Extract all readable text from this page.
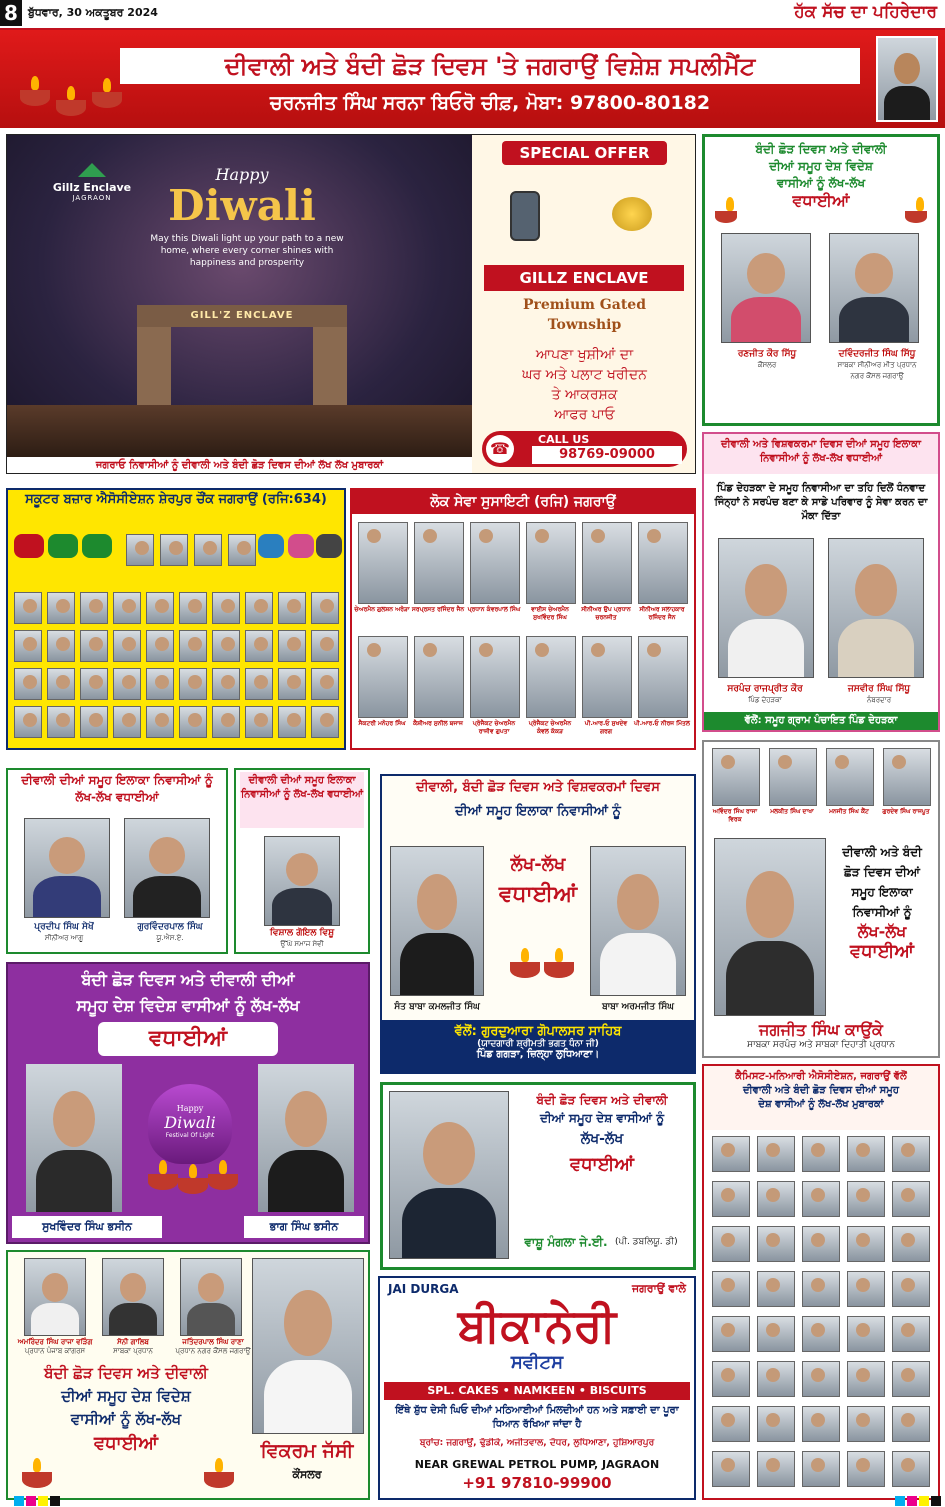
8 ਬੁੱਧਵਾਰ, 30 ਅਕਤੂਬਰ 2024	ਹੱਕ ਸੱਚ ਦਾ ਪਹਿਰੇਦਾਰ
ਦੀਵਾਲੀ ਅਤੇ ਬੰਦੀ ਛੋੜ ਦਿਵਸ 'ਤੇ ਜਗਰਾਉਂ ਵਿਸ਼ੇਸ਼ ਸਪਲੀਮੈਂਟ
ਚਰਨਜੀਤ ਸਿੰਘ ਸਰਨਾ ਬਿਓਰੋ ਚੀਫ਼, ਮੋਬਾ: 97800-80182
Gillz Enclave
JAGRAON
Happy
Diwali
May this Diwali light up your path to a new home, where every corner shines with happiness and prosperity
GILL'Z ENCLAVE
ਜਗਰਾਓ ਨਿਵਾਸੀਆਂ ਨੂੰ ਦੀਵਾਲੀ ਅਤੇ ਬੰਦੀ ਛੋੜ ਦਿਵਸ ਦੀਆਂ ਲੱਖ ਲੱਖ ਮੁਬਾਰਕਾਂ
SPECIAL OFFER
GILLZ ENCLAVE
Premium Gated
Township
ਆਪਣਾ ਖੁਸ਼ੀਆਂ ਦਾ
ਘਰ ਅਤੇ ਪਲਾਟ ਖਰੀਦਨ
ਤੇ ਆਕਰਸ਼ਕ
ਆਫਰ ਪਾਓ
☎	CALL US
98769-09000
ਬੰਦੀ ਛੋੜ ਦਿਵਸ ਅਤੇ ਦੀਵਾਲੀ
ਦੀਆਂ ਸਮੂਹ ਦੇਸ਼ ਵਿਦੇਸ਼
ਵਾਸੀਆਂ ਨੂੰ ਲੱਖ-ਲੱਖ
ਵਧਾਈਆਂ
ਰਣਜੀਤ ਕੌਰ ਸਿੱਧੂ
ਕੌਂਸਲਰ
ਦਵਿੰਦਰਜੀਤ ਸਿੰਘ ਸਿੱਧੂ
ਸਾਬਕਾ ਸੀਨੀਅਰ ਮੀਤ ਪ੍ਰਧਾਨ
ਨਗਰ ਕੌਂਸਲ ਜਗਰਾਉਂ
ਦੀਵਾਲੀ ਅਤੇ ਵਿਸ਼ਵਕਰਮਾ ਦਿਵਸ ਦੀਆਂ ਸਮੂਹ ਇਲਾਕਾ ਨਿਵਾਸੀਆਂ ਨੂੰ ਲੱਖ-ਲੱਖ ਵਧਾਈਆਂ
ਪਿੰਡ ਦੇਹੜਕਾ ਦੇ ਸਮੂਹ ਨਿਵਾਸੀਆ ਦਾ ਤਹਿ ਦਿਲੋਂ ਧੰਨਵਾਦ ਜਿੰਨ੍ਹਾਂ ਨੇ ਸਰਪੰਚ ਬਣਾ ਕੇ ਸਾਡੇ ਪਰਿਵਾਰ ਨੂੰ ਸੇਵਾ ਕਰਨ ਦਾ ਮੌਕਾ ਦਿੱਤਾ
ਸਰਪੰਚ ਰਾਜਪ੍ਰੀਤ ਕੌਰ
ਪਿੰਡ ਦੇਹੜਕਾ
ਜਸਵੀਰ ਸਿੰਘ ਸਿੱਧੂ
ਨੰਬਰਦਾਰ
ਵੱਲੋਂ: ਸਮੂਹ ਗ੍ਰਾਮ ਪੰਚਾਇਤ ਪਿੰਡ ਦੇਹੜਕਾ
ਸਕੂਟਰ ਬਜ਼ਾਰ ਐਸੋਸੀਏਸ਼ਨ ਸ਼ੇਰਪੁਰ ਚੌਂਕ ਜਗਰਾਉਂ (ਰਜਿ:634)	ਲੋਕ ਸੇਵਾ ਸੁਸਾਇਟੀ (ਰਜਿ) ਜਗਰਾਉਂ
ਚੇਅਰਮੈਨ ਗੁਲਸ਼ਨ ਅਰੋੜਾ ਸਰਪ੍ਰਸਤ ਰਜਿੰਦਰ ਜੈਨ ਪ੍ਰਧਾਨ ਕੰਵਰਪਾਲ ਸਿੰਘ	ਵਾਈਸ ਚੇਅਰਮੈਨ ਸੁਖਵਿੰਦਰ ਸਿੰਘ
ਸੀਨੀਅਰ ਉਪ ਪ੍ਰਧਾਨ ਚਰਨਜੀਤ
ਸੀਨੀਅਰ ਸਲਾਹਕਾਰ ਰਜਿੰਦਰ ਜੈਨ
ਸੈਕਟਰੀ ਮਨੋਹਰ ਸਿੰਘ	ਕੈਸ਼ੀਅਰ ਸੁਨੀਲ ਬਜਾਜ	ਪ੍ਰੋਜੈਕਟ ਚੇਅਰਮੈਨ ਰਾਜੀਵ ਗੁਪਤਾ
ਪ੍ਰੋਜੈਕਟ ਚੇਅਰਮੈਨ ਕੰਵਲ ਕੱਕੜ
ਪੀ.ਆਰ.ਓ ਸੁਖਦੇਵ ਗਰਗ
ਪੀ.ਆਰ.ਓ ਨੀਰਜ ਮਿੱਤਲ
ਦੀਵਾਲੀ ਦੀਆਂ ਸਮੂਹ ਇਲਾਕਾ ਨਿਵਾਸੀਆਂ ਨੂੰ ਲੱਖ-ਲੱਖ ਵਧਾਈਆਂ
ਪ੍ਰਦੀਪ ਸਿੰਘ ਸੇਖੋਂ
ਸੀਨੀਅਰ ਆਗੂ
ਗੁਰਵਿੰਦਰਪਾਲ ਸਿੰਘ
ਯੂ.ਐਸ.ਏ.
ਦੀਵਾਲੀ ਦੀਆਂ ਸਮੂਹ ਇਲਾਕਾ ਨਿਵਾਸੀਆਂ ਨੂੰ ਲੱਖ-ਲੱਖ ਵਧਾਈਆਂ
ਵਿਸ਼ਾਲ ਗੋਇਲ ਵਿਸ਼ੂ
ਉੱਘੇ ਸਮਾਜ ਸੇਵੀ
ਦੀਵਾਲੀ, ਬੰਦੀ ਛੋੜ ਦਿਵਸ ਅਤੇ ਵਿਸ਼ਵਕਰਮਾਂ ਦਿਵਸ
ਦੀਆਂ ਸਮੂਹ ਇਲਾਕਾ ਨਿਵਾਸੀਆਂ ਨੂੰ
ਲੱਖ-ਲੱਖ
ਵਧਾਈਆਂ
ਸੰਤ ਬਾਬਾ ਕਮਲਜੀਤ ਸਿੰਘ	ਬਾਬਾ ਅਰਮਜੀਤ ਸਿੰਘ
ਵੱਲੋਂ: ਗੁਰਦੁਆਰਾ ਗੋਪਾਲਸਰ ਸਾਹਿਬ
(ਯਾਦਗਾਰੀ ਸ਼੍ਰੀਮਤੀ ਭਗਤ ਧੰਨਾ ਜੀ)
ਪਿੰਡ ਗਗੜਾ, ਜ਼ਿਲ੍ਹਾ ਲੁਧਿਆਣਾ।
ਅਵਿੰਦਰ ਸਿੰਘ ਰਾਜਾ ਵਿਰਕ
ਮਲਕੀਤ ਸਿੰਘ ਦਾਖਾ	ਮਨਜੀਤ ਸਿੰਘ ਕੈਂਟ	ਗੁਰਦੇਵ ਸਿੰਘ ਰਾਜਪੂਤ
ਦੀਵਾਲੀ ਅਤੇ ਬੰਦੀ
ਛੋੜ ਦਿਵਸ ਦੀਆਂ
ਸਮੂਹ ਇਲਾਕਾ
ਨਿਵਾਸੀਆਂ ਨੂੰ
ਲੱਖ-ਲੱਖ
ਵਧਾਈਆਂ
ਜਗਜੀਤ ਸਿੰਘ ਕਾਉਂਕੇ
ਸਾਬਕਾ ਸਰਪੰਚ ਅਤੇ ਸਾਬਕਾ ਦਿਹਾਤੀ ਪ੍ਰਧਾਨ
ਬੰਦੀ ਛੋੜ ਦਿਵਸ ਅਤੇ ਦੀਵਾਲੀ ਦੀਆਂ
ਸਮੂਹ ਦੇਸ਼ ਵਿਦੇਸ਼ ਵਾਸੀਆਂ ਨੂੰ ਲੱਖ-ਲੱਖ
ਵਧਾਈਆਂ
Happy
Diwali
Festival Of Light
ਸੁਖਵਿੰਦਰ ਸਿੰਘ ਭਸੀਨ	ਭਾਗ ਸਿੰਘ ਭਸੀਨ
ਬੰਦੀ ਛੋੜ ਦਿਵਸ ਅਤੇ ਦੀਵਾਲੀ
ਦੀਆਂ ਸਮੂਹ ਦੇਸ਼ ਵਾਸੀਆਂ ਨੂੰ
ਲੱਖ-ਲੱਖ
ਵਧਾਈਆਂ
ਵਾਸ਼ੂ ਮੰਗਲਾ ਜੇ.ਈ. (ਪੀ. ਡਬਲਿਯੂ. ਡੀ)
ਕੈਮਿਸਟ-ਮਨਿਆਰੀ ਐਸੋਸੀਏਸ਼ਨ, ਜਗਰਾਉਂ ਵੱਲੋਂ
ਦੀਵਾਲੀ ਅਤੇ ਬੰਦੀ ਛੋੜ ਦਿਵਸ ਦੀਆਂ ਸਮੂਹ
ਦੇਸ਼ ਵਾਸੀਆਂ ਨੂੰ ਲੱਖ-ਲੱਖ ਮੁਬਾਰਕਾਂ
ਅਮਰਿੰਦਰ ਸਿੰਘ ਰਾਜਾ ਵੜਿੰਗ
ਪ੍ਰਧਾਨ ਪੰਜਾਬ ਕਾਂਗਰਸ
ਸੋਨੀ ਗਾਲਿਬ
ਸਾਬਕਾ ਪ੍ਰਧਾਨ
ਜਤਿੰਦਰਪਾਲ ਸਿੰਘ ਰਾਣਾ
ਪ੍ਰਧਾਨ ਨਗਰ ਕੌਂਸਲ ਜਗਰਾਉਂ
ਬੰਦੀ ਛੋੜ ਦਿਵਸ ਅਤੇ ਦੀਵਾਲੀ
ਦੀਆਂ ਸਮੂਹ ਦੇਸ਼ ਵਿਦੇਸ਼
ਵਾਸੀਆਂ ਨੂੰ ਲੱਖ-ਲੱਖ
ਵਧਾਈਆਂ	ਵਿਕਰਮ ਜੱਸੀ
ਕੌਂਸਲਰ
JAI DURGA	ਜਗਰਾਉਂ ਵਾਲੇ
ਬੀਕਾਨੇਰੀ
ਸਵੀਟਸ
SPL. CAKES • NAMKEEN • BISCUITS
ਇੱਥੇ ਸ਼ੁੱਧ ਦੇਸੀ ਘਿਓ ਦੀਆਂ ਮਠਿਆਈਆਂ ਮਿਲਦੀਆਂ ਹਨ ਅਤੇ ਸਫ਼ਾਈ ਦਾ ਪੂਰਾ ਧਿਆਨ ਰੱਖਿਆ ਜਾਂਦਾ ਹੈ
ਬ੍ਰਾਂਚ: ਜਗਰਾਉਂ, ਢੁੱਡੀਕੇ, ਅਜੀਤਵਾਲ, ਦੋਧਰ, ਲੁਧਿਆਣਾ, ਹੁਸ਼ਿਆਰਪੁਰ
NEAR GREWAL PETROL PUMP, JAGRAON
+91 97810-99900
